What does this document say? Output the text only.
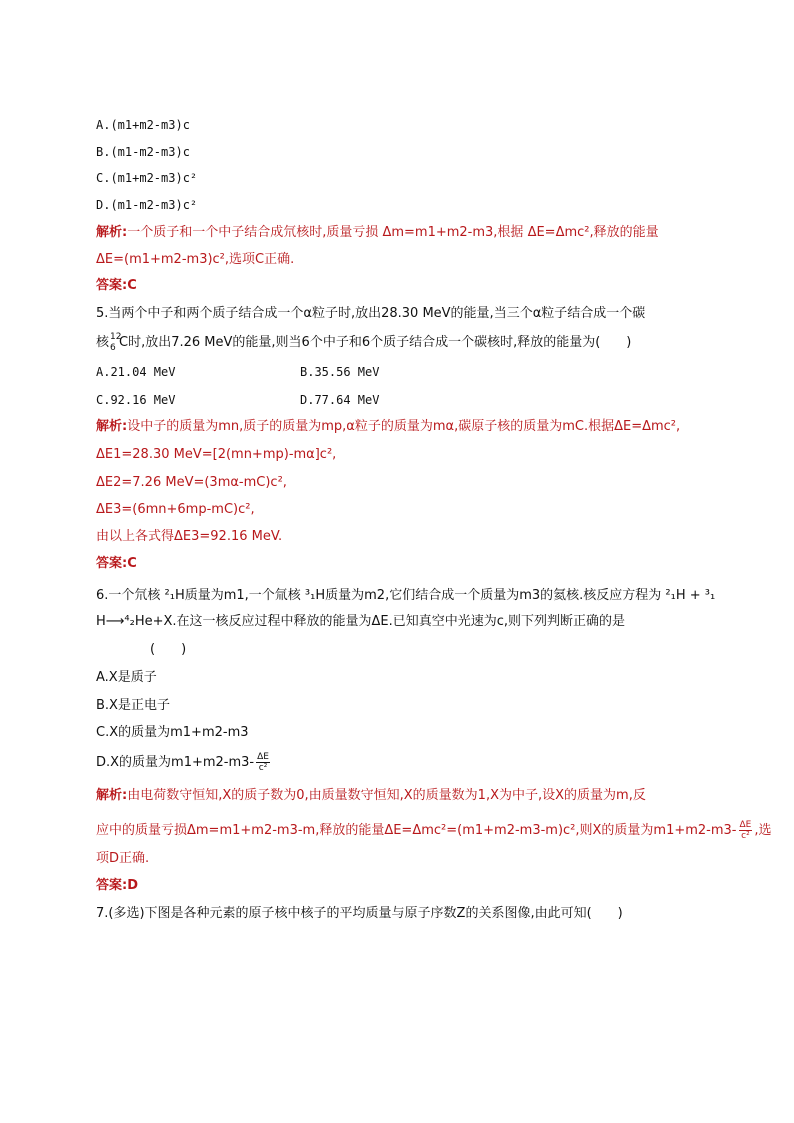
A.(m1+m2-m3)c
B.(m1-m2-m3)c
C.(m1+m2-m3)c²
D.(m1-m2-m3)c²
解析:一个质子和一个中子结合成氘核时,质量亏损 Δm=m1+m2-m3,根据 ΔE=Δmc²,释放的能量
ΔE=(m1+m2-m3)c²,选项C正确.
答案:C
5.当两个中子和两个质子结合成一个α粒子时,放出28.30 MeV的能量,当三个α粒子结合成一个碳
核 12
6 C时,放出7.26 MeV的能量,则当6个中子和6个质子结合成一个碳核时,释放的能量为(　　)
A.21.04 MeV	B.35.56 MeV
C.92.16 MeV	D.77.64 MeV
解析:设中子的质量为mn,质子的质量为mp,α粒子的质量为mα,碳原子核的质量为mC.根据ΔE=Δmc²,
ΔE1=28.30 MeV=[2(mn+mp)-mα]c²,
ΔE2=7.26 MeV=(3mα-mC)c²,
ΔE3=(6mn+6mp-mC)c²,
由以上各式得ΔE3=92.16 MeV.
答案:C
6.一个氘核 ²₁H质量为m1,一个氚核 ³₁H质量为m2,它们结合成一个质量为m3的氦核.核反应方程为 ²₁H + ³₁
H⟶⁴₂He+X.在这一核反应过程中释放的能量为ΔE.已知真空中光速为c,则下列判断正确的是
(　　)
A.X是质子
B.X是正电子
C.X的质量为m1+m2-m3
D.X的质量为$m1+m2-m3- \frac{\Delta E}{\text{c²}}$
解析:由电荷数守恒知,X的质子数为0,由质量数守恒知,X的质量数为1,X为中子,设X的质量为m,反
应中的质量亏损Δm=m1+m2-m3-m,释放的能量ΔE=Δmc²=(m1+m2-m3-m)c²,则X的质量为$m1+m2-m3- \frac{\Delta E}{\text{c²}}$ ,选
项D正确.
答案:D
7.(多选)下图是各种元素的原子核中核子的平均质量与原子序数Z的关系图像,由此可知(　　)
